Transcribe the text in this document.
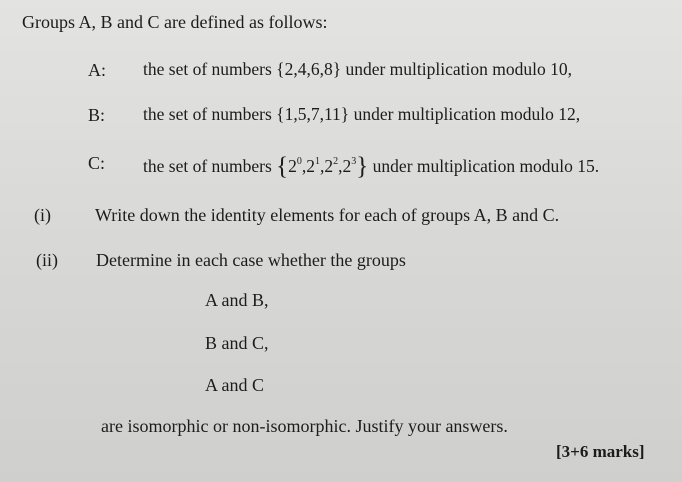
Groups A, B and C are defined as follows:
A: the set of numbers {2,4,6,8} under multiplication modulo 10,
B: the set of numbers {1,5,7,11} under multiplication modulo 12,
C: the set of numbers $\{2^0,2^1,2^2,2^3\}$ under multiplication modulo 15.
(i) Write down the identity elements for each of groups A, B and C.
(ii) Determine in each case whether the groups
A and B,
B and C,
A and C
are isomorphic or non-isomorphic. Justify your answers.
[3+6 marks]
